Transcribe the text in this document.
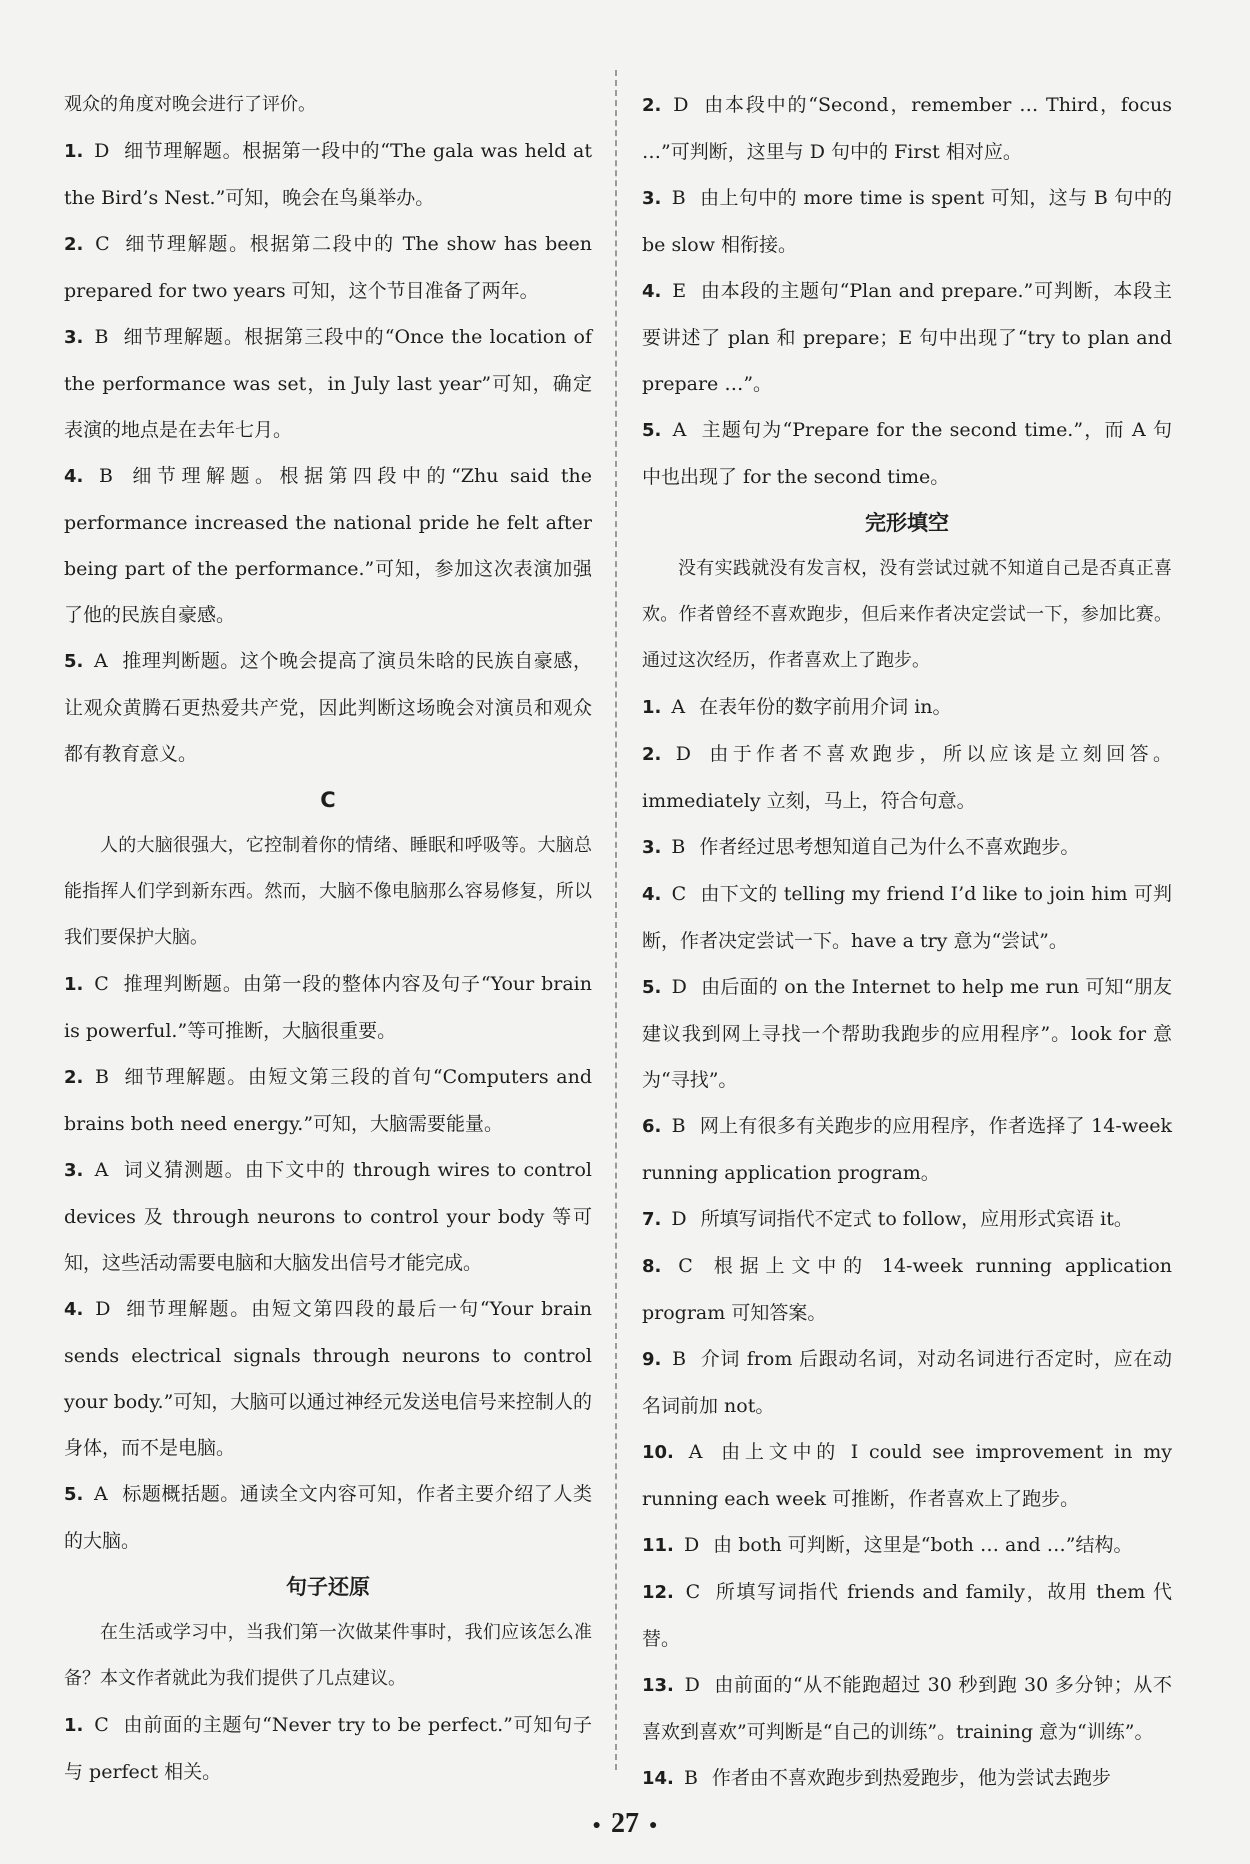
观众的角度对晚会进行了评价。

1. D 细节理解题。根据第一段中的“The gala was held at the Bird’s Nest.”可知，晚会在鸟巢举办。

2. C 细节理解题。根据第二段中的 The show has been prepared for two years 可知，这个节目准备了两年。

3. B 细节理解题。根据第三段中的“Once the location of the performance was set，in July last year”可知，确定表演的地点是在去年七月。

4. B 细节理解题。根据第四段中的“Zhu said the performance increased the national pride he felt after being part of the performance.”可知，参加这次表演加强了他的民族自豪感。

5. A 推理判断题。这个晚会提高了演员朱晗的民族自豪感，让观众黄腾石更热爱共产党，因此判断这场晚会对演员和观众都有教育意义。

C

人的大脑很强大，它控制着你的情绪、睡眠和呼吸等。大脑总能指挥人们学到新东西。然而，大脑不像电脑那么容易修复，所以我们要保护大脑。

1. C 推理判断题。由第一段的整体内容及句子“Your brain is powerful.”等可推断，大脑很重要。

2. B 细节理解题。由短文第三段的首句“Computers and brains both need energy.”可知，大脑需要能量。

3. A 词义猜测题。由下文中的 through wires to control devices 及 through neurons to control your body 等可知，这些活动需要电脑和大脑发出信号才能完成。

4. D 细节理解题。由短文第四段的最后一句“Your brain sends electrical signals through neurons to control your body.”可知，大脑可以通过神经元发送电信号来控制人的身体，而不是电脑。

5. A 标题概括题。通读全文内容可知，作者主要介绍了人类的大脑。

句子还原

在生活或学习中，当我们第一次做某件事时，我们应该怎么准备？本文作者就此为我们提供了几点建议。

1. C 由前面的主题句“Never try to be perfect.”可知句子与 perfect 相关。

2. D 由本段中的“Second，remember … Third，focus …”可判断，这里与 D 句中的 First 相对应。

3. B 由上句中的 more time is spent 可知，这与 B 句中的 be slow 相衔接。

4. E 由本段的主题句“Plan and prepare.”可判断，本段主要讲述了 plan 和 prepare；E 句中出现了“try to plan and prepare …”。

5. A 主题句为“Prepare for the second time.”，而 A 句中也出现了 for the second time。

完形填空

没有实践就没有发言权，没有尝试过就不知道自己是否真正喜欢。作者曾经不喜欢跑步，但后来作者决定尝试一下，参加比赛。通过这次经历，作者喜欢上了跑步。

1. A 在表年份的数字前用介词 in。

2. D 由于作者不喜欢跑步，所以应该是立刻回答。immediately 立刻，马上，符合句意。

3. B 作者经过思考想知道自己为什么不喜欢跑步。

4. C 由下文的 telling my friend I’d like to join him 可判断，作者决定尝试一下。have a try 意为“尝试”。

5. D 由后面的 on the Internet to help me run 可知“朋友建议我到网上寻找一个帮助我跑步的应用程序”。look for 意为“寻找”。

6. B 网上有很多有关跑步的应用程序，作者选择了 14-week running application program。

7. D 所填写词指代不定式 to follow，应用形式宾语 it。

8. C 根据上文中的 14-week running application program 可知答案。

9. B 介词 from 后跟动名词，对动名词进行否定时，应在动名词前加 not。

10. A 由上文中的 I could see improvement in my running each week 可推断，作者喜欢上了跑步。

11. D 由 both 可判断，这里是“both … and …”结构。

12. C 所填写词指代 friends and family，故用 them 代替。

13. D 由前面的“从不能跑超过 30 秒到跑 30 多分钟；从不喜欢到喜欢”可判断是“自己的训练”。training 意为“训练”。

14. B 作者由不喜欢跑步到热爱跑步，他为尝试去跑步

● 27 ●
